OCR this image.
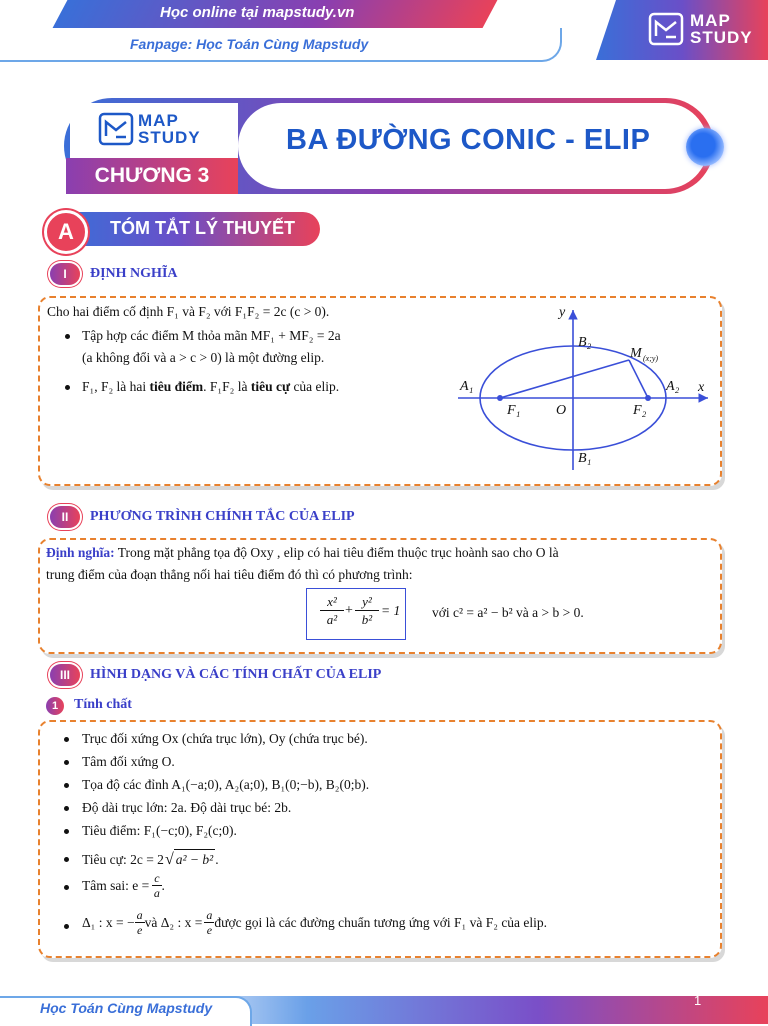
Học online tại mapstudy.vn
Fanpage: Học Toán Cùng Mapstudy
MAP
STUDY
MAP
STUDY
CHƯƠNG 3
BA ĐƯỜNG CONIC - ELIP
A	TÓM TẮT LÝ THUYẾT
I	ĐỊNH NGHĨA
Cho hai điểm cố định F₁ và F₂ với F₁F₂ = 2c (c > 0).
Tập hợp các điểm M thỏa mãn MF₁ + MF₂ = 2a
(a không đổi và a > c > 0) là một đường elip.
F₁, F₂ là hai tiêu điểm. F₁F₂ là tiêu cự của elip.
y
x
B₂
B₁
A₁	A₂
F₁	F₂
O
M (x;y)
II	PHƯƠNG TRÌNH CHÍNH TẮC CỦA ELIP
Định nghĩa: Trong mặt phẳng tọa độ Oxy , elip có hai tiêu điểm thuộc trục hoành sao cho O là
trung điểm của đoạn thẳng nối hai tiêu điểm đó thì có phương trình:
$\frac{\text{x²}}{\text{a²}} + \frac{\text{y²}}{\text{b²}} = 1$ với c² = a² − b² và a > b > 0.
III	HÌNH DẠNG VÀ CÁC TÍNH CHẤT CỦA ELIP
1	Tính chất
Trục đối xứng Ox (chứa trục lớn), Oy (chứa trục bé).
Tâm đối xứng O.
Tọa độ các đỉnh A₁(−a;0), A₂(a;0), B₁(0;−b), B₂(0;b).
Độ dài trục lớn: 2a. Độ dài trục bé: 2b.
Tiêu điểm: F₁(−c;0), F₂(c;0).
Tiêu cự: 2c = 2 √ a² − b² .
Tâm sai: $e = \frac{c}{a}$ .
Δ₁ : x = − $\frac{a}{e}$ và Δ₂ : $x = \frac{a}{e}$ được gọi là các đường chuẩn tương ứng với F₁ và F₂ của elip.
Học Toán Cùng Mapstudy	1
